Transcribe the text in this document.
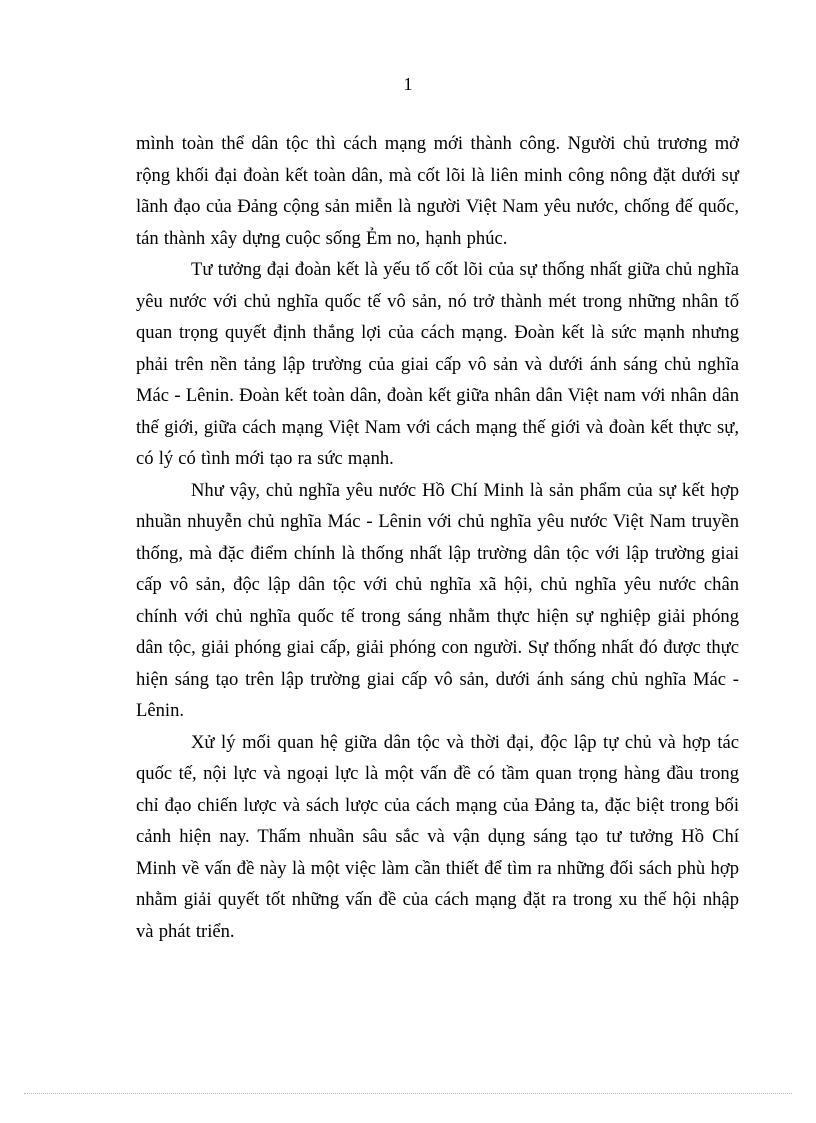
1

mình toàn thể dân tộc thì cách mạng mới thành công. Người chủ trương mở rộng khối đại đoàn kết toàn dân, mà cốt lõi là liên minh công nông đặt dưới sự lãnh đạo của Đảng cộng sản miễn là người Việt Nam yêu nước, chống đế quốc, tán thành xây dựng cuộc sống Ẻm no, hạnh phúc.

Tư tưởng đại đoàn kết là yếu tố cốt lõi của sự thống nhất giữa chủ nghĩa yêu nước với chủ nghĩa quốc tế vô sản, nó trở thành mét trong những nhân tố quan trọng quyết định thắng lợi của cách mạng. Đoàn kết là sức mạnh nhưng phải trên nền tảng lập trường của giai cấp vô sản và dưới ánh sáng chủ nghĩa Mác - Lênin. Đoàn kết toàn dân, đoàn kết giữa nhân dân Việt nam với nhân dân thế giới, giữa cách mạng Việt Nam với cách mạng thế giới và đoàn kết thực sự, có lý có tình mới tạo ra sức mạnh.

Như vậy, chủ nghĩa yêu nước Hồ Chí Minh là sản phẩm của sự kết hợp nhuần nhuyễn chủ nghĩa Mác - Lênin với chủ nghĩa yêu nước Việt Nam truyền thống, mà đặc điểm chính là thống nhất lập trường dân tộc với lập trường giai cấp vô sản, độc lập dân tộc với chủ nghĩa xã hội, chủ nghĩa yêu nước chân chính với chủ nghĩa quốc tế trong sáng nhằm thực hiện sự nghiệp giải phóng dân tộc, giải phóng giai cấp, giải phóng con người. Sự thống nhất đó được thực hiện sáng tạo trên lập trường giai cấp vô sản, dưới ánh sáng chủ nghĩa Mác - Lênin.

Xử lý mối quan hệ giữa dân tộc và thời đại, độc lập tự chủ và hợp tác quốc tế, nội lực và ngoại lực là một vấn đề có tầm quan trọng hàng đầu trong chỉ đạo chiến lược và sách lược của cách mạng của Đảng ta, đặc biệt trong bối cảnh hiện nay. Thấm nhuần sâu sắc và vận dụng sáng tạo tư tưởng Hồ Chí Minh về vấn đề này là một việc làm cần thiết để tìm ra những đối sách phù hợp nhằm giải quyết tốt những vấn đề của cách mạng đặt ra trong xu thế hội nhập và phát triển.
